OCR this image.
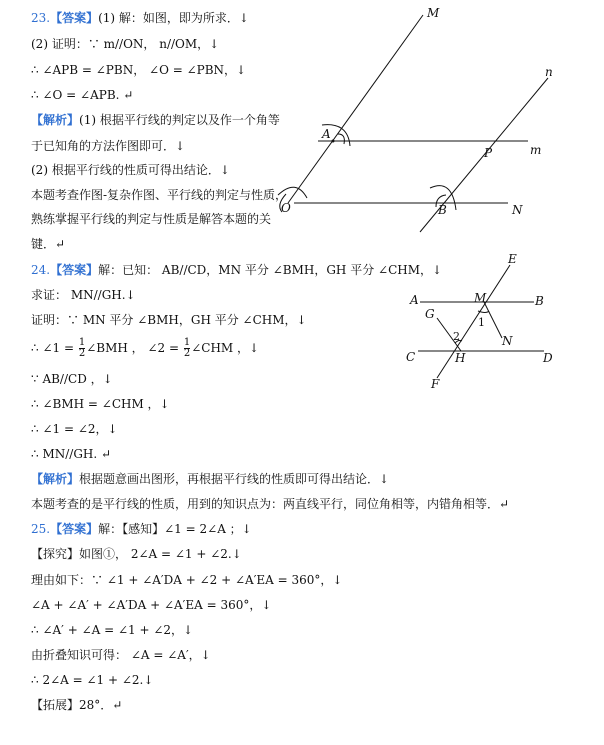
23.【答案】(1) 解：如图，即为所求．↓
(2) 证明：∵ m//ON， n//OM，↓
∴ ∠APB = ∠PBN， ∠O = ∠PBN，↓
∴ ∠O = ∠APB. ↵
【解析】(1) 根据平行线的判定以及作一个角等
于已知角的方法作图即可．↓
(2) 根据平行线的性质可得出结论．↓
本题考查作图-复杂作图、平行线的判定与性质，
熟练掌握平行线的判定与性质是解答本题的关
键．↵
24.【答案】解：已知： AB//CD，MN 平分 ∠BMH，GH 平分 ∠CHM，↓
求证： MN//GH.↓
证明：∵ MN 平分 ∠BMH，GH 平分 ∠CHM，↓
∴ ∠1 = $\frac{1}{2}$ ∠BMH ， ∠2 = $\frac{1}{2}$ ∠CHM ，↓
∵ AB//CD ，↓
∴ ∠BMH = ∠CHM ，↓
∴ ∠1 = ∠2，↓
∴ MN//GH. ↵
【解析】根据题意画出图形，再根据平行线的性质即可得出结论．↓
本题考查的是平行线的性质，用到的知识点为：两直线平行，同位角相等，内错角相等．↵
25.【答案】解：【感知】∠1 = 2∠A ；↓
【探究】如图①， 2∠A = ∠1 + ∠2.↓
理由如下：∵ ∠1 + ∠A′DA + ∠2 + ∠A′EA = 360°，↓
∠A + ∠A′ + ∠A′DA + ∠A′EA = 360°，↓
∴ ∠A′ + ∠A = ∠1 + ∠2，↓
由折叠知识可得： ∠A = ∠A′，↓
∴ 2∠A = ∠1 + ∠2.↓
【拓展】28°．↵
M
n
A
P	m
O	B	N
E
A	M	B
G
1
2	N
C	H	D
F
